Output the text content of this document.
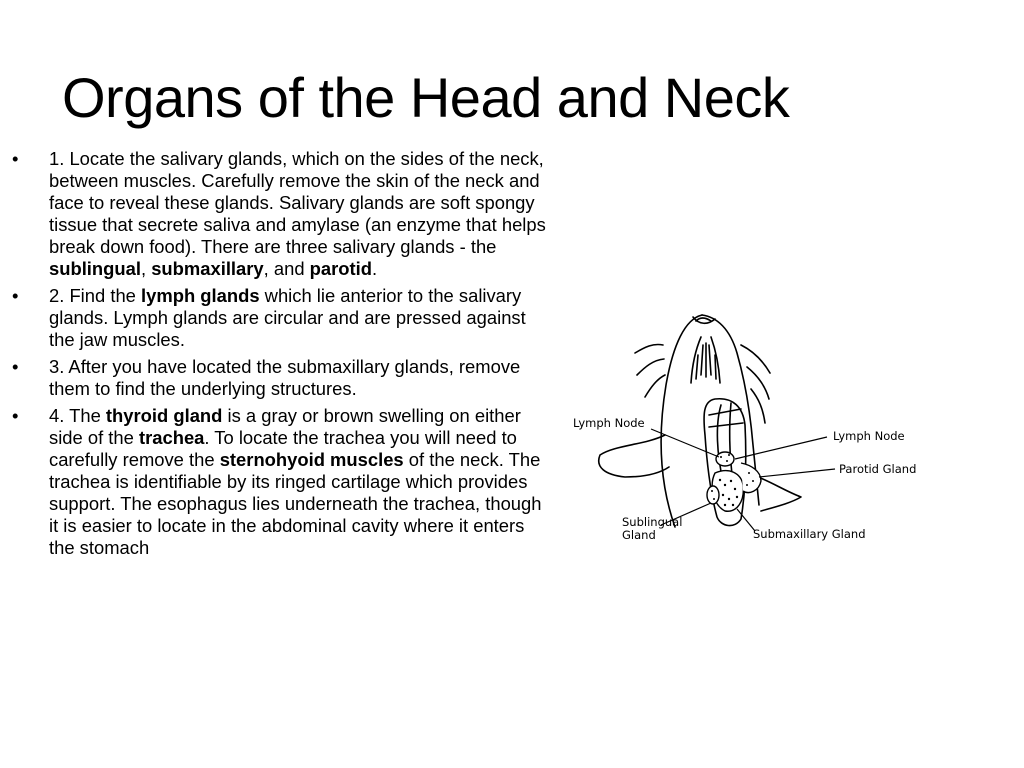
Organs of the Head and Neck
• 1. Locate the salivary glands, which on the sides of the neck, between muscles. Carefully remove the skin of the neck and face to reveal these glands. Salivary glands are soft spongy tissue that secrete saliva and amylase (an enzyme that helps break down food). There are three salivary glands - the sublingual, submaxillary, and parotid.
• 2. Find the lymph glands which lie anterior to the salivary glands. Lymph glands are circular and are pressed against the jaw muscles.
• 3. After you have located the submaxillary glands, remove them to find the underlying structures.
• 4. The thyroid gland is a gray or brown swelling on either side of the trachea. To locate the trachea you will need to carefully remove the sternohyoid muscles of the neck. The trachea is identifiable by its ringed cartilage which provides support. The esophagus lies underneath the trachea, though it is easier to locate in the abdominal cavity where it enters the stomach
Lymph Node
Lymph Node
Parotid Gland
Sublingual
Gland	Submaxillary Gland
